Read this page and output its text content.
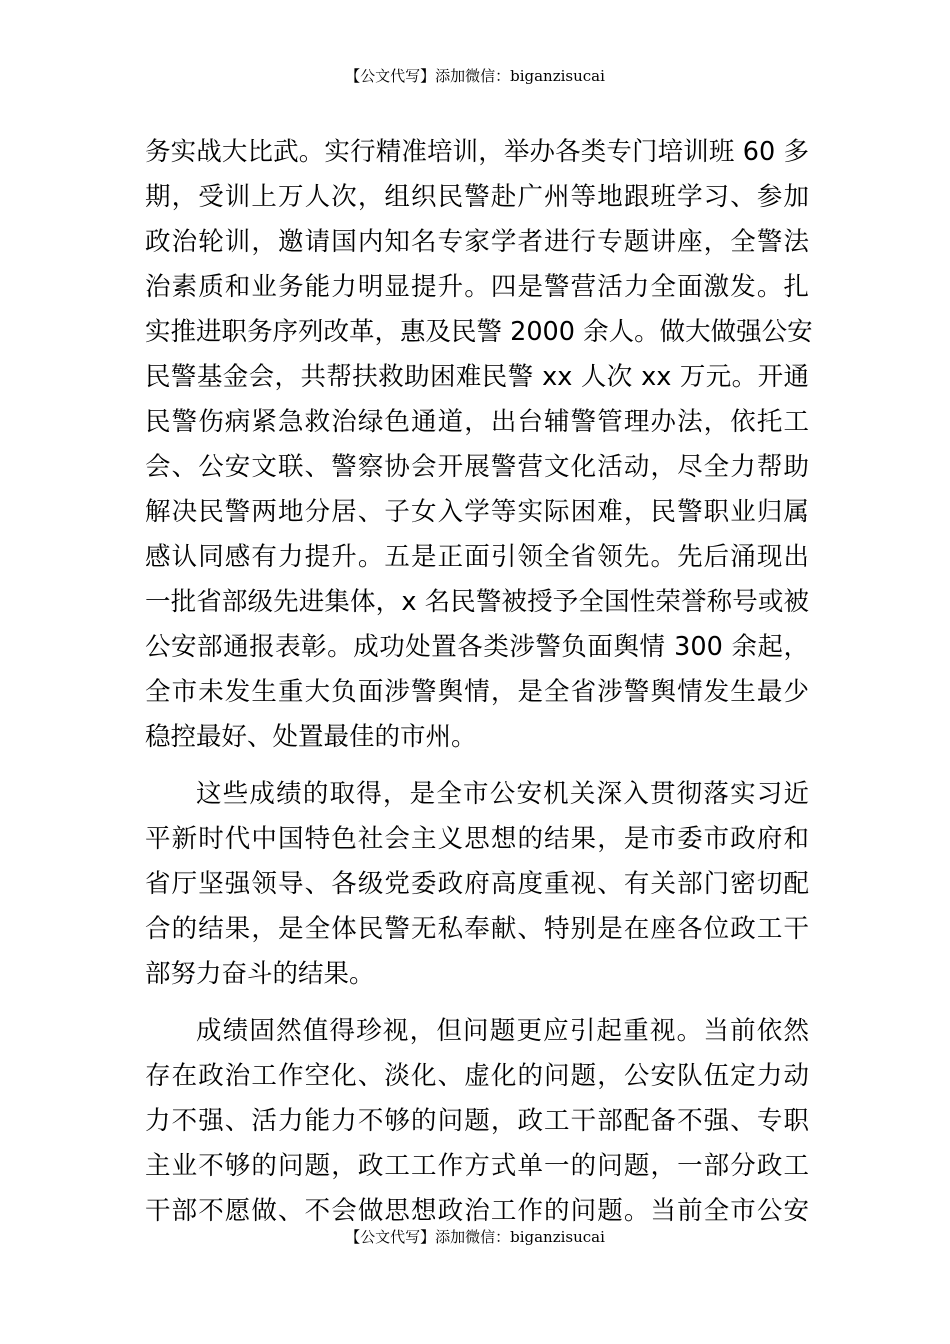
【公文代写】添加微信：biganzisucai

务实战大比武。实行精准培训，举办各类专门培训班 60 多
期，受训上万人次，组织民警赴广州等地跟班学习、参加
政治轮训，邀请国内知名专家学者进行专题讲座，全警法
治素质和业务能力明显提升。四是警营活力全面激发。扎
实推进职务序列改革，惠及民警 2000 余人。做大做强公安
民警基金会，共帮扶救助困难民警 xx 人次 xx 万元。开通
民警伤病紧急救治绿色通道，出台辅警管理办法，依托工
会、公安文联、警察协会开展警营文化活动，尽全力帮助
解决民警两地分居、子女入学等实际困难，民警职业归属
感认同感有力提升。五是正面引领全省领先。先后涌现出
一批省部级先进集体，x 名民警被授予全国性荣誉称号或被
公安部通报表彰。成功处置各类涉警负面舆情 300 余起，
全市未发生重大负面涉警舆情，是全省涉警舆情发生最少
稳控最好、处置最佳的市州。

这些成绩的取得，是全市公安机关深入贯彻落实习近
平新时代中国特色社会主义思想的结果，是市委市政府和
省厅坚强领导、各级党委政府高度重视、有关部门密切配
合的结果，是全体民警无私奉献、特别是在座各位政工干
部努力奋斗的结果。

成绩固然值得珍视，但问题更应引起重视。当前依然
存在政治工作空化、淡化、虚化的问题，公安队伍定力动
力不强、活力能力不够的问题，政工干部配备不强、专职
主业不够的问题，政工工作方式单一的问题，一部分政工
干部不愿做、不会做思想政治工作的问题。当前全市公安

【公文代写】添加微信：biganzisucai
